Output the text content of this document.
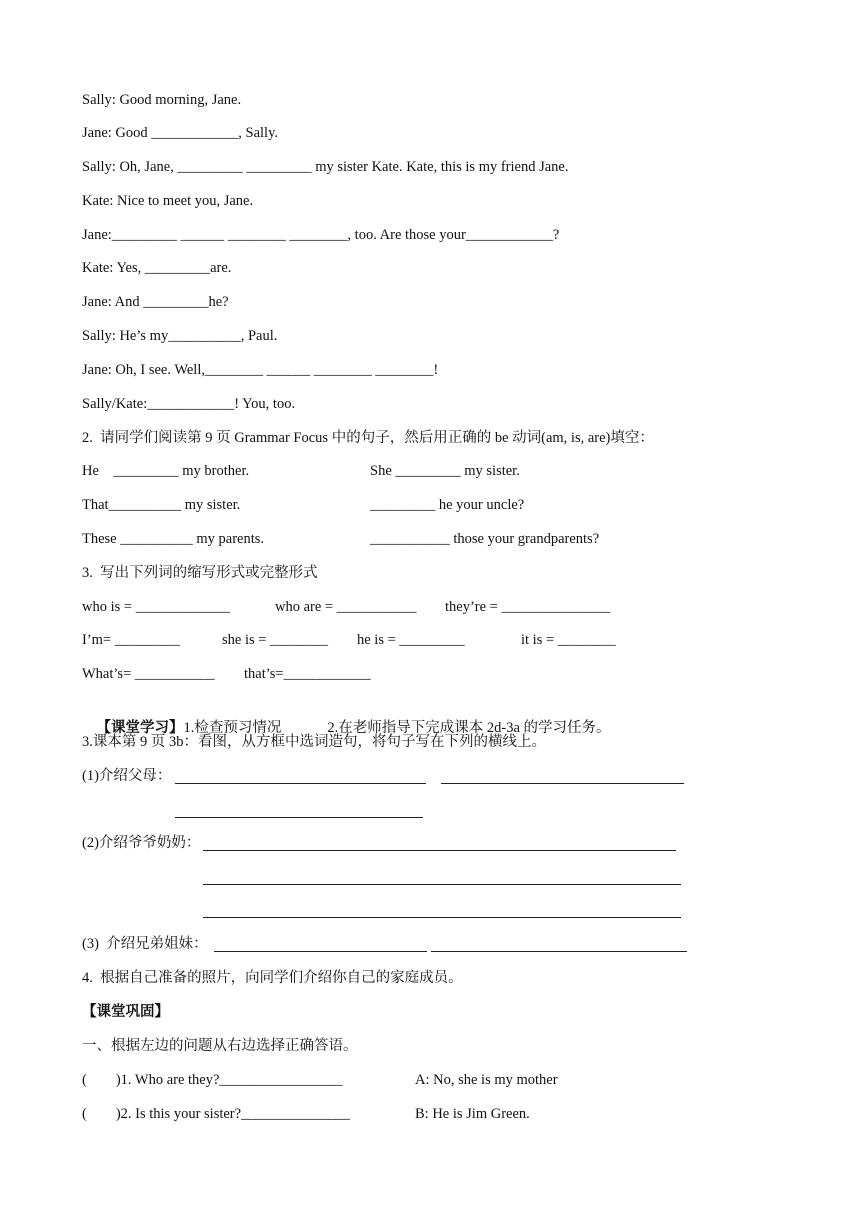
Sally: Good morning, Jane.
Jane: Good ____________, Sally.
Sally: Oh, Jane, _________ _________ my sister Kate. Kate, this is my friend Jane.
Kate: Nice to meet you, Jane.
Jane:_________ ______ ________ ________, too. Are those your____________?
Kate: Yes, _________are.
Jane: And _________he?
Sally: He’s my__________, Paul.
Jane: Oh, I see. Well,________ ______ ________ ________!
Sally/Kate:____________! You, too.
2.  请同学们阅读第 9 页 Grammar Focus 中的句子，然后用正确的 be 动词(am, is, are)填空：
He    _________ my brother.	She _________ my sister.
That__________ my sister.	_________ he your uncle?
These __________ my parents.	___________ those your grandparents?
3.  写出下列词的缩写形式或完整形式
who is = _____________	who are = ___________ they’re = _______________
I’m= _________	she is = ________ he is = _________	it is = ________
What’s= ___________ that’s=____________

【课堂学习】1.检查预习情况	2.在老师指导下完成课本 2d-3a 的学习任务。

3.课本第 9 页 3b：看图，从方框中选词造句，将句子写在下列的横线上。
(1)介绍父母：
(2)介绍爷爷奶奶：
(3)  介绍兄弟姐妹：
4.  根据自己准备的照片，向同学们介绍你自己的家庭成员。
【课堂巩固】
一、根据左边的问题从右边选择正确答语。
(        )1. Who are they?_________________	A: No, she is my mother
(        )2. Is this your sister?_______________	B: He is Jim Green.
